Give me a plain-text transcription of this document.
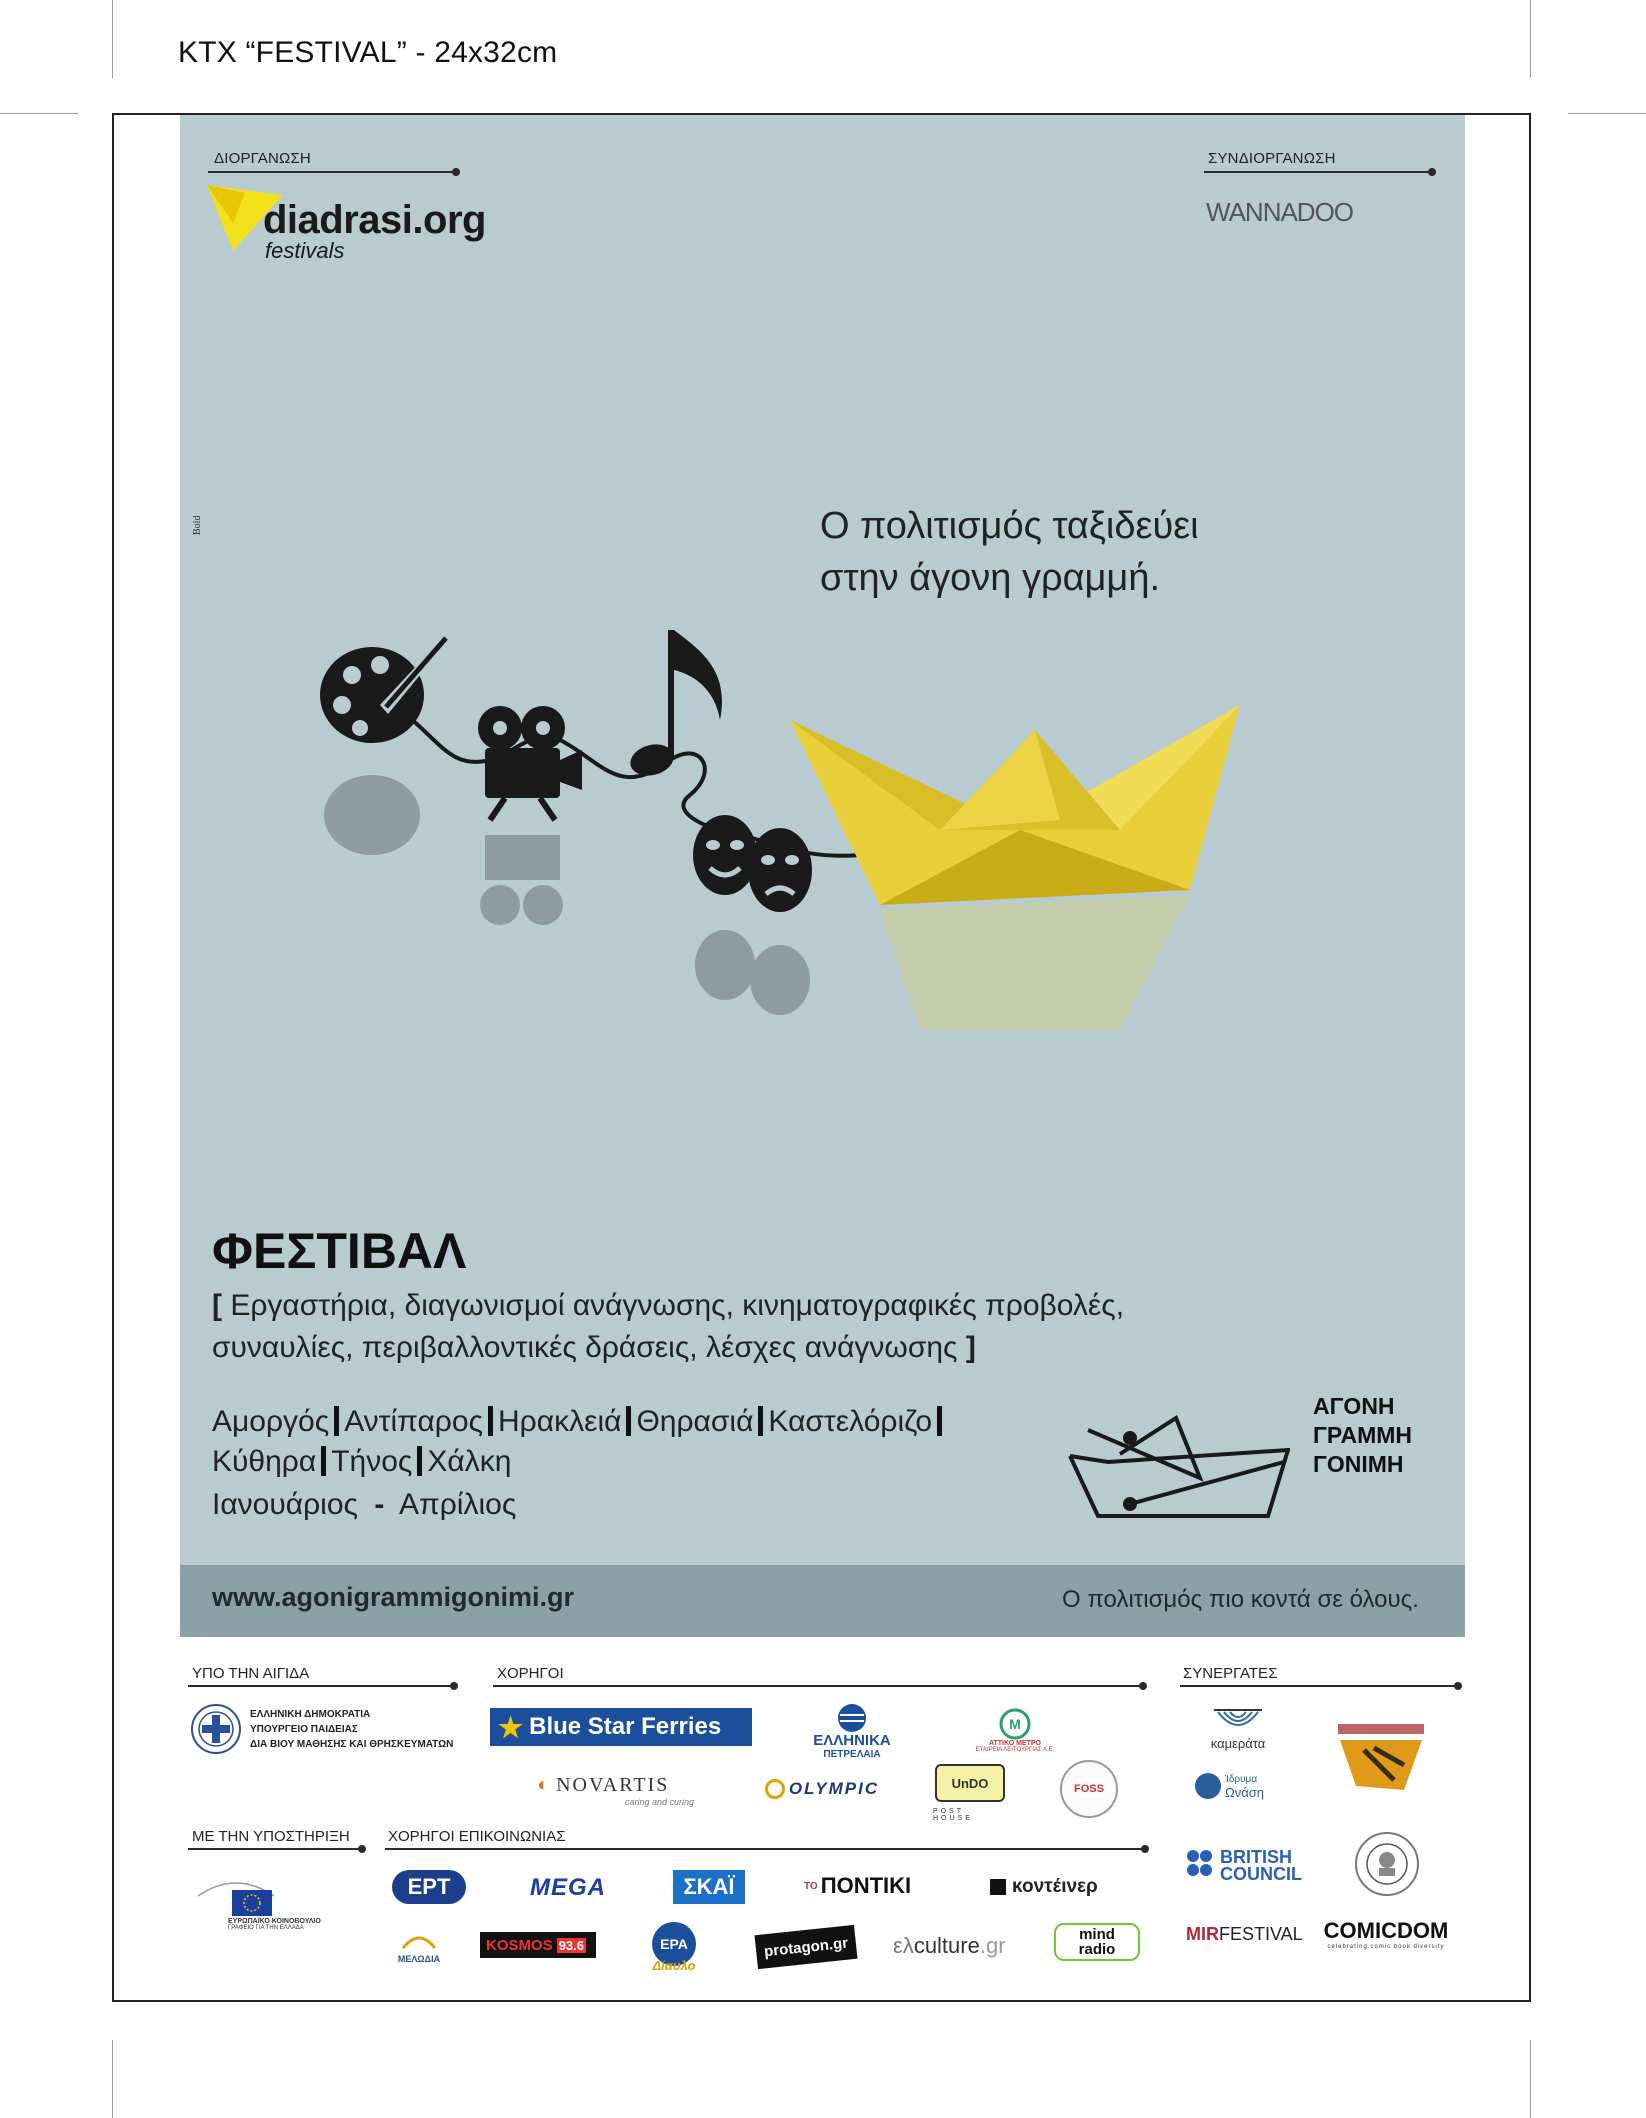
KTX “FESTIVAL” - 24x32cm
ΔΙΟΡΓΑΝΩΣΗ
diadrasi.org
festivals
ΣΥΝΔΙΟΡΓΑΝΩΣΗ
WANNADOO
Bold	Ο πολιτισμός ταξιδεύει
στην άγονη γραμμή.
ΦΕΣΤΙΒΑΛ
[ Εργαστήρια, διαγωνισμοί ανάγνωσης, κινηματογραφικές προβολές,
συναυλίες, περιβαλλοντικές δράσεις, λέσχες ανάγνωσης ]
Αμοργός Αντίπαρος Ηρακλειά Θηρασιά Καστελόριζο
Κύθηρα Τήνος Χάλκη
Ιανουάριος - Απρίλιος
ΑΓΟΝΗ
ΓΡΑΜΜΗ
ΓΟΝΙΜΗ
www.agonigrammigonimi.gr	Ο πολιτισμός πιο κοντά σε όλους.
ΥΠΟ ΤΗΝ ΑΙΓΙΔΑ	ΧΟΡΗΓΟΙ	ΣΥΝΕΡΓΑΤΕΣ
ΕΛΛΗΝΙΚΗ ΔΗΜΟΚΡΑΤΙΑ
ΥΠΟΥΡΓΕΙΟ ΠΑΙΔΕΙΑΣ
ΔΙΑ ΒΙΟΥ ΜΑΘΗΣΗΣ ΚΑΙ ΘΡΗΣΚΕΥΜΑΤΩΝ
★ Blue Star Ferries	ΕΛΛΗΝΙΚΑ
ΠΕΤΡΕΛΑΙΑ
M
ΑΤΤΙΚΟ ΜΕΤΡΟ
ΕΤΑΙΡΕΙΑ ΛΕΙΤΟΥΡΓΙΑΣ Α.Ε.
◖ NOVARTIS
caring and curing
OLYMPIC	UnDO
POST HOUSE
FOSS
καμεράτα
Ίδρυμα
Ωνάση
BRITISH
COUNCIL
MIR FESTIVAL COMICDOM
celebrating comic book diversity
ΜΕ ΤΗΝ ΥΠΟΣΤΗΡΙΞΗ	ΧΟΡΗΓΟΙ ΕΠΙΚΟΙΝΩΝΙΑΣ
ΕΥΡΩΠΑΪΚΟ ΚΟΙΝΟΒΟΥΛΙΟ
ΓΡΑΦΕΙΟ ΓΙΑ ΤΗΝ ΕΛΛΑΔΑ
ΜΕΛΩΔΙΑ
ΕΡΤ	MEGA	ΣΚΑΪ	ΤΟ ΠΟΝΤΙΚΙ	κοντέινερ
KOSMOS 93.6	ΕΡΑ
Δίαυλο
protagon.gr ελ culture .gr	mind radio
